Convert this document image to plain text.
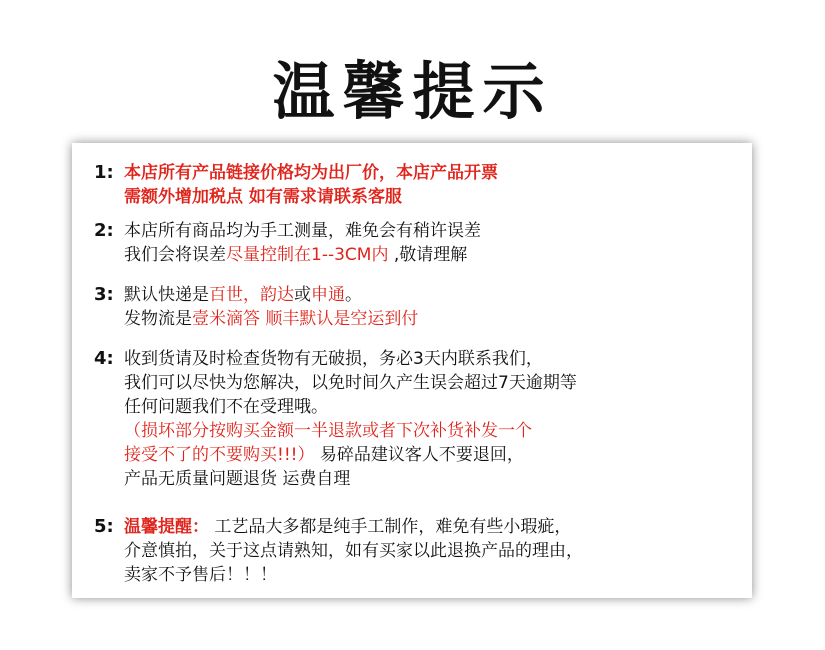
温馨提示
1: 本店所有产品链接价格均为出厂价，本店产品开票
需额外增加税点 如有需求请联系客服
2: 本店所有商品均为手工测量，难免会有稍许误差
我们会将误差尽量控制在1--3CM内 ,敬请理解
3: 默认快递是百世，韵达或申通。
发物流是壹米滴答 顺丰默认是空运到付
4: 收到货请及时检查货物有无破损，务必3天内联系我们，
我们可以尽快为您解决，以免时间久产生误会超过7天逾期等
任何问题我们不在受理哦。
（损坏部分按购买金额一半退款或者下次补货补发一个
接受不了的不要购买!!!） 易碎品建议客人不要退回，
产品无质量问题退货 运费自理
5: 温馨提醒： 工艺品大多都是纯手工制作，难免有些小瑕疵，
介意慎拍，关于这点请熟知，如有买家以此退换产品的理由，
卖家不予售后！！！
